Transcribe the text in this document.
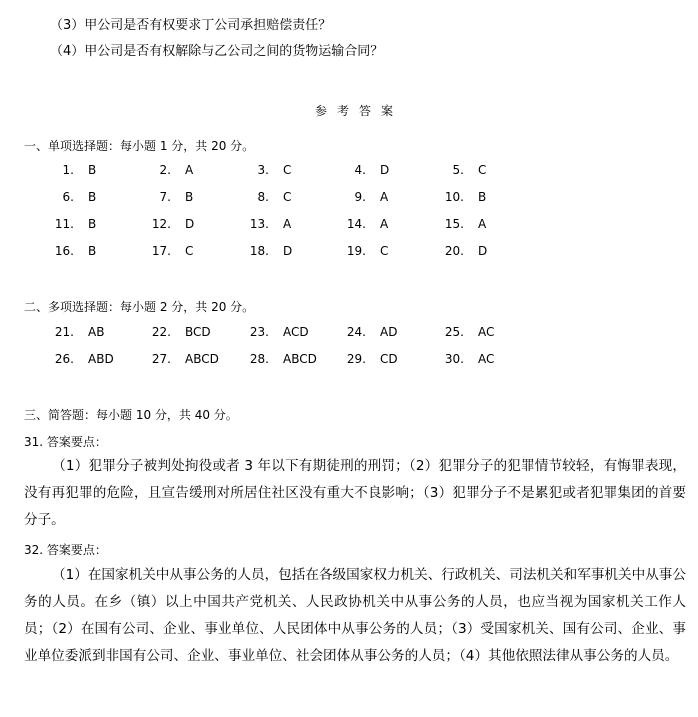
（3）甲公司是否有权要求丁公司承担赔偿责任？
（4）甲公司是否有权解除与乙公司之间的货物运输合同？
参考答案
一、单项选择题：每小题 1 分，共 20 分。
1. B	2. A	3. C	4. D	5. C
6. B	7. B	8. C	9. A	10. B
11. B	12. D	13. A	14. A	15. A
16. B	17. C	18. D	19. C	20. D
二、多项选择题：每小题 2 分，共 20 分。
21. AB	22. BCD	23. ACD	24. AD	25. AC
26. ABD	27. ABCD	28. ABCD	29. CD	30. AC
三、简答题：每小题 10 分，共 40 分。
31. 答案要点：
（1）犯罪分子被判处拘役或者 3 年以下有期徒刑的刑罚；（2）犯罪分子的犯罪情节较轻，有悔罪表现，没有再犯罪的危险，且宣告缓刑对所居住社区没有重大不良影响；（3）犯罪分子不是累犯或者犯罪集团的首要分子。
32. 答案要点：
（1）在国家机关中从事公务的人员，包括在各级国家权力机关、行政机关、司法机关和军事机关中从事公务的人员。在乡（镇）以上中国共产党机关、人民政协机关中从事公务的人员，也应当视为国家机关工作人员；（2）在国有公司、企业、事业单位、人民团体中从事公务的人员；（3）受国家机关、国有公司、企业、事业单位委派到非国有公司、企业、事业单位、社会团体从事公务的人员；（4）其他依照法律从事公务的人员。
